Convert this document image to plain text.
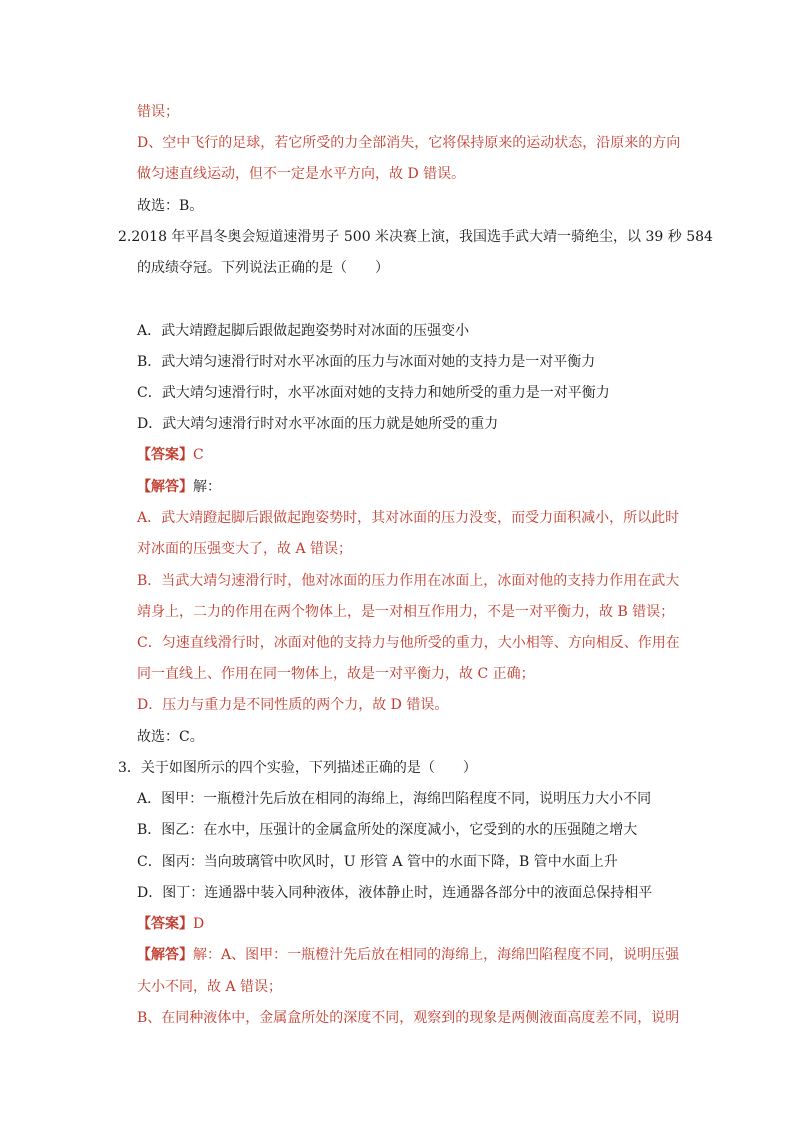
错误；
D、空中飞行的足球，若它所受的力全部消失，它将保持原来的运动状态，沿原来的方向
做匀速直线运动，但不一定是水平方向，故 D 错误。
故选：B。
2.2018 年平昌冬奥会短道速滑男子 500 米决赛上演，我国选手武大靖一骑绝尘，以 39 秒 584
的成绩夺冠。下列说法正确的是（　　）
A．武大靖蹬起脚后跟做起跑姿势时对冰面的压强变小
B．武大靖匀速滑行时对水平冰面的压力与冰面对她的支持力是一对平衡力
C．武大靖匀速滑行时，水平冰面对她的支持力和她所受的重力是一对平衡力
D．武大靖匀速滑行时对水平冰面的压力就是她所受的重力
【答案】C
【解答】解：
A．武大靖蹬起脚后跟做起跑姿势时，其对冰面的压力没变，而受力面积减小，所以此时
对冰面的压强变大了，故 A 错误；
B．当武大靖匀速滑行时，他对冰面的压力作用在冰面上，冰面对他的支持力作用在武大
靖身上，二力的作用在两个物体上，是一对相互作用力，不是一对平衡力，故 B 错误；
C．匀速直线滑行时，冰面对他的支持力与他所受的重力，大小相等、方向相反、作用在
同一直线上、作用在同一物体上，故是一对平衡力，故 C 正确；
D．压力与重力是不同性质的两个力，故 D 错误。
故选：C。
3．关于如图所示的四个实验，下列描述正确的是（　　）
A．图甲：一瓶橙汁先后放在相同的海绵上，海绵凹陷程度不同，说明压力大小不同
B．图乙：在水中，压强计的金属盒所处的深度减小，它受到的水的压强随之增大
C．图丙：当向玻璃管中吹风时，U 形管 A 管中的水面下降，B 管中水面上升
D．图丁：连通器中装入同种液体，液体静止时，连通器各部分中的液面总保持相平
【答案】D
【解答】解：A、图甲：一瓶橙汁先后放在相同的海绵上，海绵凹陷程度不同，说明压强
大小不同，故 A 错误；
B、在同种液体中，金属盒所处的深度不同，观察到的现象是两侧液面高度差不同，说明
